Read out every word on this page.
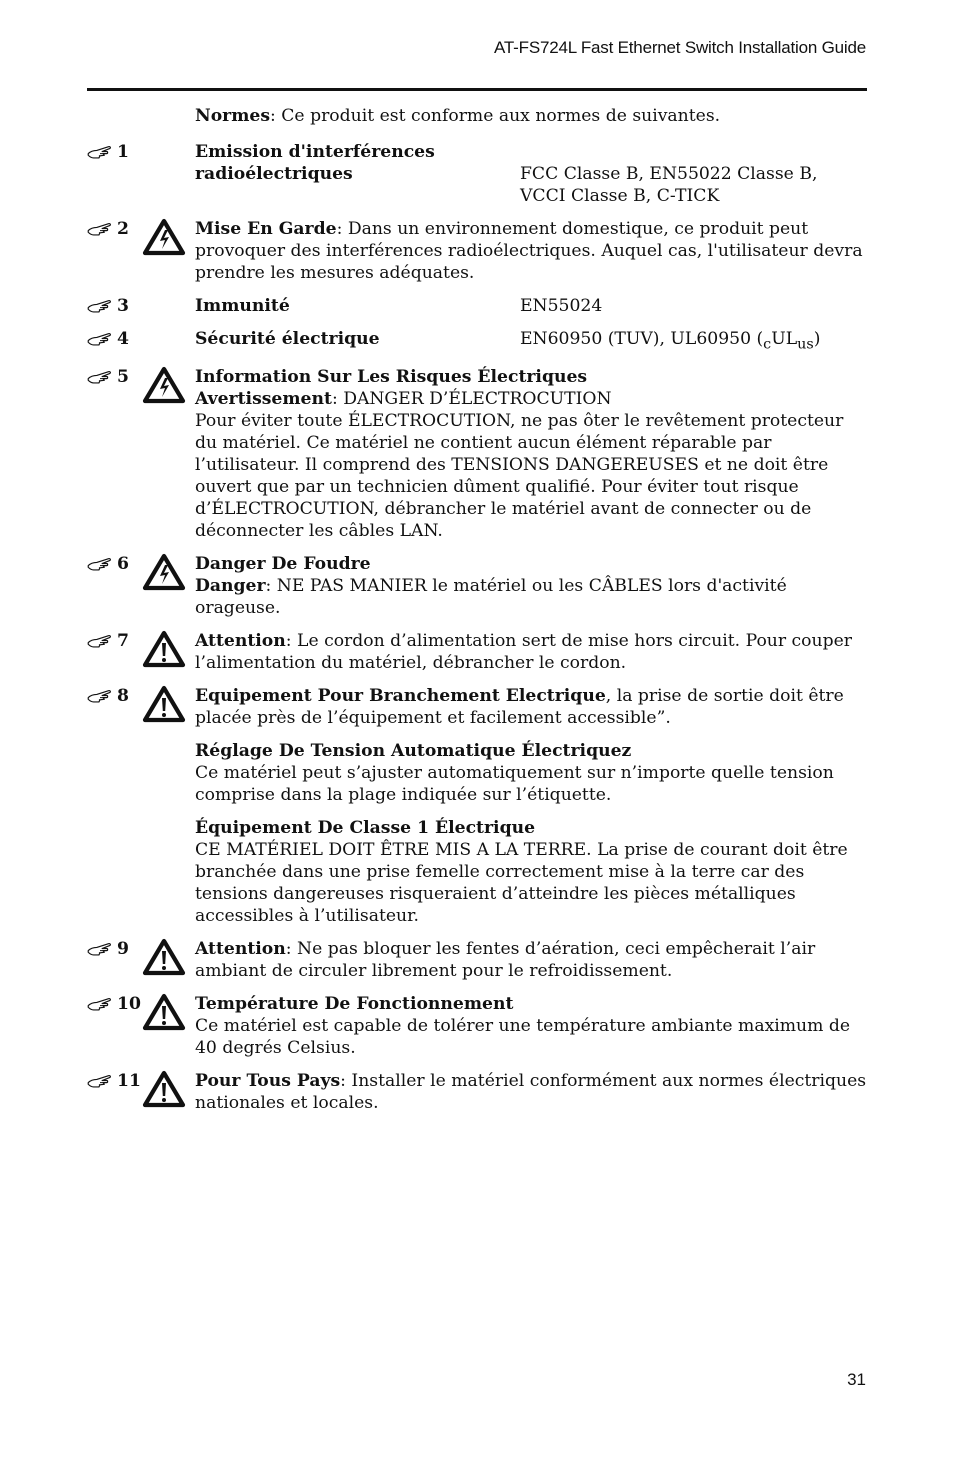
AT-FS724L Fast Ethernet Switch Installation Guide
Normes: Ce produit est conforme aux normes de suivantes.
1	Emission d'interférences
radioélectriques	FCC Classe B, EN55022 Classe B,
VCCI Classe B, C-TICK
2	Mise En Garde: Dans un environnement domestique, ce produit peut provoquer des interférences radioélectriques. Auquel cas, l'utilisateur devra prendre les mesures adéquates.
3	Immunité	EN55024
4	Sécurité électrique	EN60950 (TUV), UL60950 $(_cUL_{us})$
5	Information Sur Les Risques Électriques
Avertissement: DANGER D’ÉLECTROCUTION
Pour éviter toute ÉLECTROCUTION, ne pas ôter le revêtement protecteur du matériel. Ce matériel ne contient aucun élément réparable par l’utilisateur. Il comprend des TENSIONS DANGEREUSES et ne doit être ouvert que par un technicien dûment qualifié. Pour éviter tout risque d’ÉLECTROCUTION, débrancher le matériel avant de connecter ou de déconnecter les câbles LAN.
6	Danger De Foudre
Danger: NE PAS MANIER le matériel ou les CÂBLES lors d'activité orageuse.
7	Attention: Le cordon d’alimentation sert de mise hors circuit. Pour couper l’alimentation du matériel, débrancher le cordon.
8	Equipement Pour Branchement Electrique, la prise de sortie doit être placée près de l’équipement et facilement accessible”.
Réglage De Tension Automatique Électriquez
Ce matériel peut s’ajuster automatiquement sur n’importe quelle tension comprise dans la plage indiquée sur l’étiquette.
Équipement De Classe 1 Électrique
CE MATÉRIEL DOIT ÊTRE MIS A LA TERRE. La prise de courant doit être branchée dans une prise femelle correctement mise à la terre car des tensions dangereuses risqueraient d’atteindre les pièces métalliques accessibles à l’utilisateur.
9	Attention: Ne pas bloquer les fentes d’aération, ceci empêcherait l’air ambiant de circuler librement pour le refroidissement.
10	Température De Fonctionnement
Ce matériel est capable de tolérer une température ambiante maximum de 40 degrés Celsius.
11	Pour Tous Pays: Installer le matériel conformément aux normes électriques nationales et locales.
31
